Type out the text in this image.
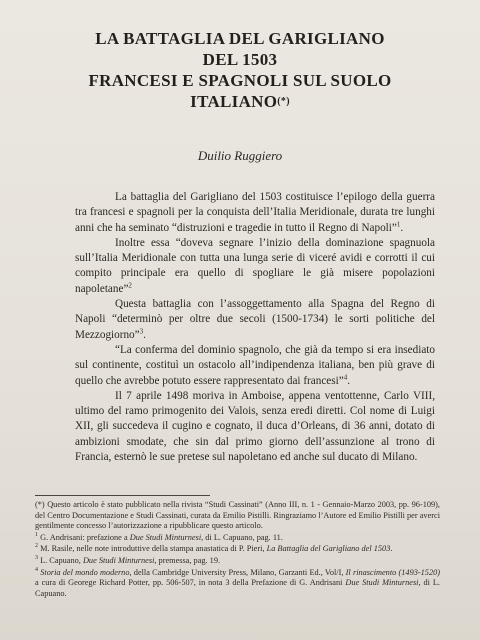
LA BATTAGLIA DEL GARIGLIANO
DEL 1503
FRANCESI E SPAGNOLI SUL SUOLO
ITALIANO(*)
Duilio Ruggiero

La battaglia del Garigliano del 1503 costituisce l’epilogo della guerra tra francesi e spagnoli per la conquista dell’Italia Meridionale, durata tre lunghi anni che ha seminato “distruzioni e tragedie in tutto il Regno di Napoli”$^1$.

Inoltre essa “doveva segnare l’inizio della dominazione spagnuola sull’Italia Meridionale con tutta una lunga serie di viceré avidi e corrotti il cui compito principale era quello di spogliare le già misere popolazioni napoletane”$^2$

Questa battaglia con l’assoggettamento alla Spagna del Regno di Napoli “determinò per oltre due secoli (1500-1734) le sorti politiche del Mezzogiorno”$^3$.

“La conferma del dominio spagnolo, che già da tempo si era insediato sul continente, costituì un ostacolo all’indipendenza italiana, ben più grave di quello che avrebbe potuto essere rappresentato dai francesi”$^4$.

Il 7 aprile 1498 moriva in Amboise, appena ventottenne, Carlo VIII, ultimo del ramo primogenito dei Valois, senza eredi diretti. Col nome di Luigi XII, gli succedeva il cugino e cognato, il duca d’Orleans, di 36 anni, dotato di ambizioni smodate, che sin dal primo giorno dell’assunzione al trono di Francia, esternò le sue pretese sul napoletano ed anche sul ducato di Milano.

(*) Questo articolo è stato pubblicato nella rivista “Studi Cassinati” (Anno III, n. 1 - Gennaio-Marzo 2003, pp. 96-109), del Centro Documentazione e Studi Cassinati, curata da Emilio Pistilli. Ringraziamo l’Autore ed Emilio Pistilli per averci gentilmente concesso l’autorizzazione a ripubblicare questo articolo.

$^1$ G. Andrisani: prefazione a Due Studi Minturnesi, di L. Capuano, pag. 11.

$^2$ M. Rasile, nelle note introduttive della stampa anastatica di P. Pieri, La Battaglia del Garigliano del 1503.

$^3$ L. Capuano, Due Studi Minturnesi, premessa, pag. 19.

$^4$ Storia del mondo moderno, della Cambridge University Press, Milano, Garzanti Ed., Vol/I, Il rinascimento (1493-1520) a cura di Georege Richard Potter, pp. 506-507, in nota 3 della Prefazione di G. Andrisani Due Studi Minturnesi, di L. Capuano.
